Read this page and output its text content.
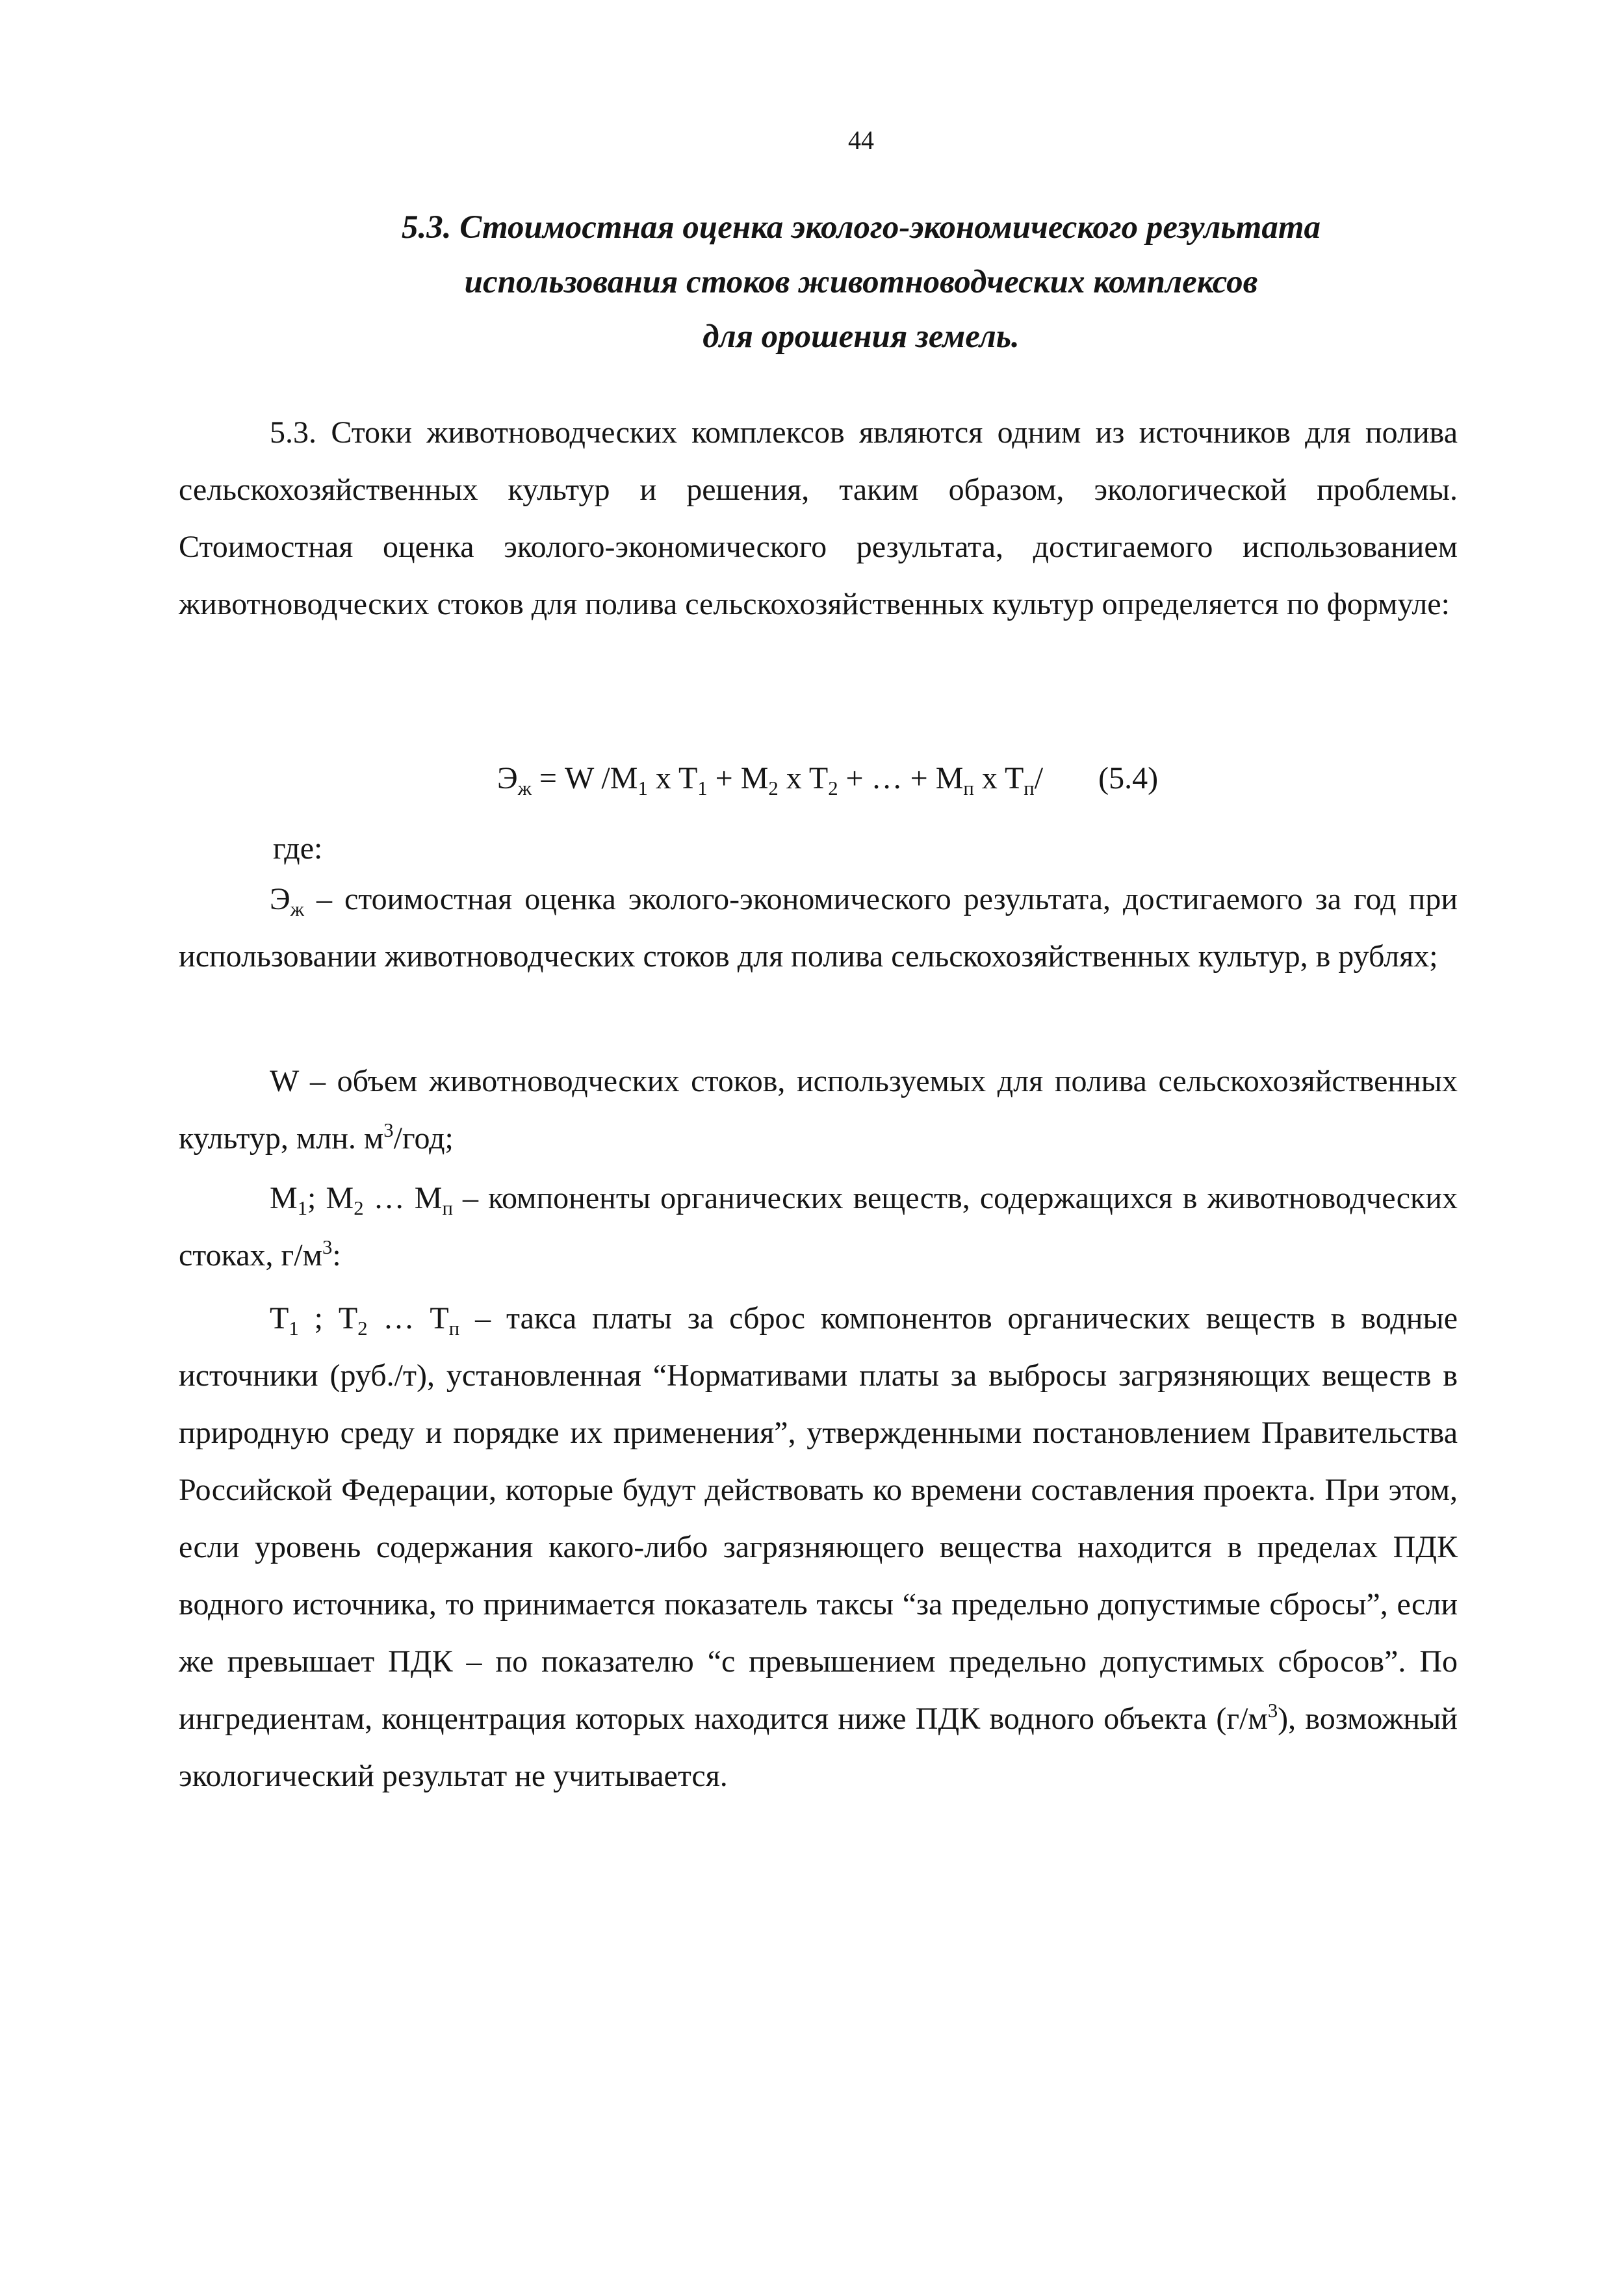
44
5.3. Стоимостная оценка эколого-экономического результата
использования стоков животноводческих комплексов
для орошения земель.

5.3. Стоки животноводческих комплексов являются одним из источников для полива сельскохозяйственных культур и решения, таким образом, экологической проблемы. Стоимостная оценка эколого-экономического результата, достигаемого использованием животноводческих стоков для полива сельскохозяйственных культур определяется по формуле:

$Э_ж = W$ $/M_1$ x $T_1 + M_2$ x $T_2$ + … + $M_п$ x $T_п/$ (5.4)
где:

$Э_ж$ – стоимостная оценка эколого-экономического результата, достигаемого за год при использовании животноводческих стоков для полива сельскохозяйственных культур, в рублях;

W – объем животноводческих стоков, используемых для полива сельскохозяйственных культур, млн. $м^3$/год;

$М_1$; $М_2$ … $М_п$ – компоненты органических веществ, содержащихся в животноводческих стоках, $г/м^3$:

$Т_1$ ; $Т_2$ … $Т_п$ – такса платы за сброс компонентов органических веществ в водные источники (руб./т), установленная “Нормативами платы за выбросы загрязняющих веществ в природную среду и порядке их применения”, утвержденными постановлением Правительства Российской Федерации, которые будут действовать ко времени составления проекта. При этом, если уровень содержания какого-либо загрязняющего вещества находится в пределах ПДК водного источника, то принимается показатель таксы “за предельно допустимые сбросы”, если же превышает ПДК – по показателю “с превышением предельно допустимых сбросов”. По ингредиентам, концентрация которых находится ниже ПДК водного объекта $(г/м^3)$, возможный экологический результат не учитывается.
